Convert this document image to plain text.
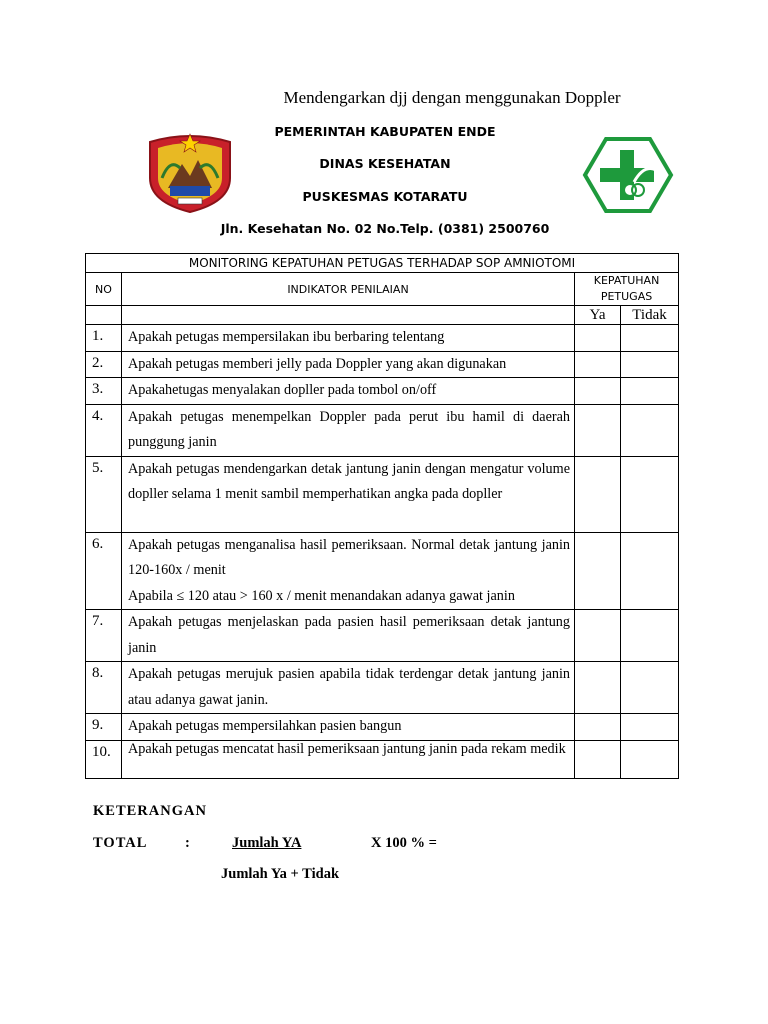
Mendengarkan djj dengan menggunakan Doppler
PEMERINTAH KABUPATEN ENDE
DINAS KESEHATAN
PUSKESMAS KOTARATU
Jln. Kesehatan No. 02 No.Telp. (0381) 2500760
MONITORING KEPATUHAN PETUGAS TERHADAP SOP AMNIOTOMI			
NO	INDIKATOR PENILAIAN	KEPATUHAN PETUGAS	
		Ya	Tidak
1.	Apakah petugas mempersilakan ibu berbaring telentang		

2.	Apakah petugas memberi jelly pada Doppler yang akan digunakan		

3.	Apakahetugas menyalakan dopller pada tombol on/off		

4.	Apakah petugas menempelkan Doppler pada perut ibu hamil di daerah punggung janin		

5.	Apakah petugas mendengarkan detak jantung janin dengan mengatur volume dopller selama 1 menit sambil memperhatikan angka pada dopller		

6.	Apakah petugas menganalisa hasil pemeriksaan. Normal detak jantung janin 120-160x / menit
Apabila ≤ 120 atau > 160 x / menit menandakan adanya gawat janin		

7.	Apakah petugas menjelaskan pada pasien hasil pemeriksaan detak jantung janin		

8.	Apakah petugas merujuk pasien apabila tidak terdengar detak jantung janin atau adanya gawat janin.		

9.	Apakah petugas mempersilahkan pasien bangun		

10.	Apakah petugas mencatat hasil pemeriksaan jantung janin pada rekam medik		

KETERANGAN
TOTAL	:	Jumlah YA	X 100 % =
Jumlah Ya + Tidak
